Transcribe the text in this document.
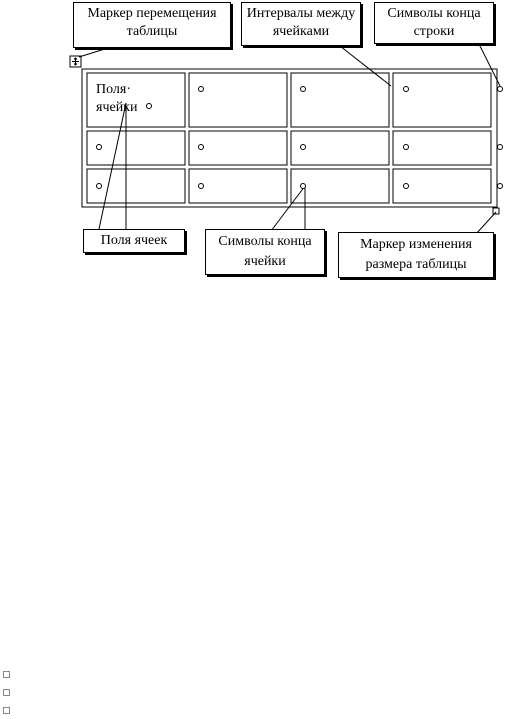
Поля· ячейки
Маркер перемещения таблицы
Интервалы между ячейками
Символы конца строки
Поля ячеек	Символы конца ячейки
Маркер изменения размера таблицы
